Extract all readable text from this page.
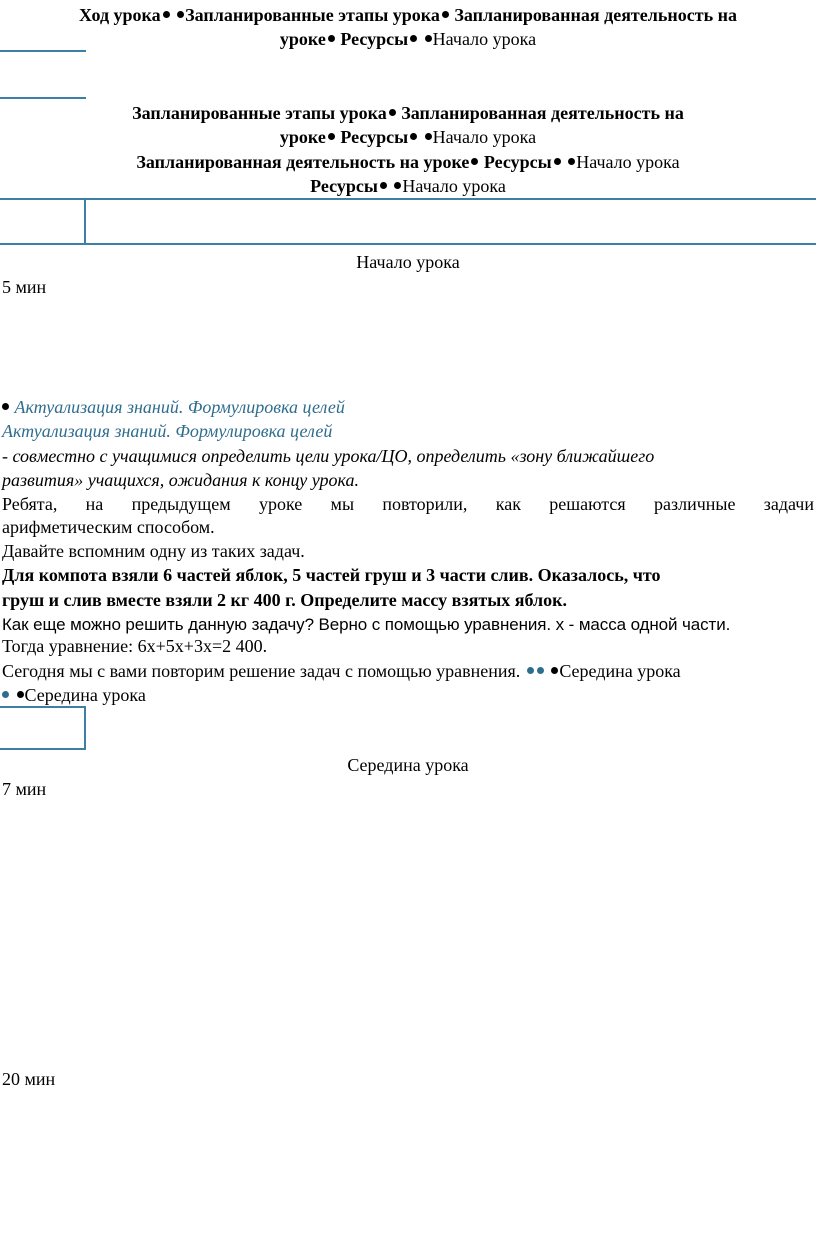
Ход урока Запланированные этапы урока Запланированная деятельность на
уроке Ресурсы Начало урока
Запланированные этапы урока Запланированная деятельность на
уроке Ресурсы Начало урока
Запланированная деятельность на уроке Ресурсы Начало урока
Ресурсы Начало урока
Начало урока
5 мин
Актуализация знаний. Формулировка целей
Актуализация знаний. Формулировка целей
- совместно с учащимися определить цели урока/ЦО, определить «зону ближайшего
развития» учащихся, ожидания к концу урока.
Ребята, на предыдущем уроке мы повторили, как решаются различные задачи
арифметическим способом.
Давайте вспомним одну из таких задач.
Для компота взяли 6 частей яблок, 5 частей груш и 3 части слив. Оказалось, что
груш и слив вместе взяли 2 кг 400 г. Определите массу взятых яблок.
Как еще можно решить данную задачу? Верно с помощью уравнения. х - масса одной части.
Тогда уравнение: 6х+5х+3х=2 400.
Сегодня мы с вами повторим решение задач с помощью уравнения.  Середина урока
Середина урока
Середина урока
7 мин
20 мин
